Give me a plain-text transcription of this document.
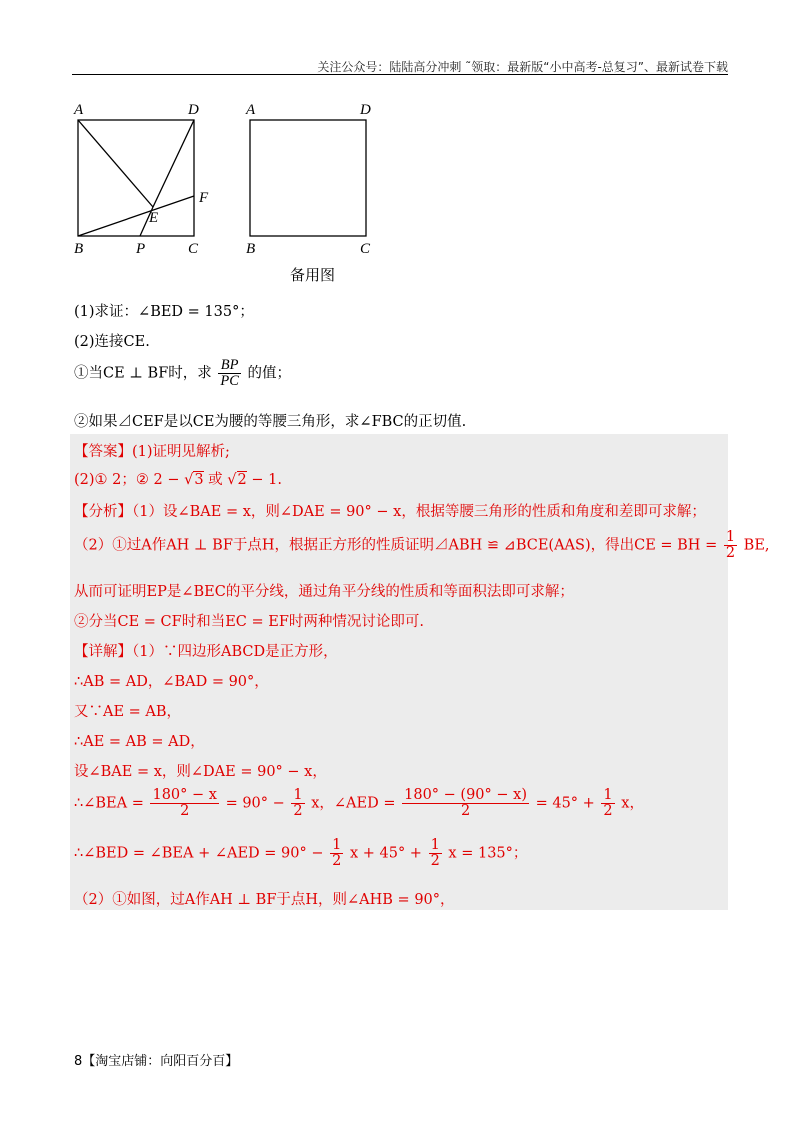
关注公众号：陆陆高分冲刺 ˜领取：最新版“小中高考-总复习”、最新试卷下载
A	D
F
E
B	P	C
A	D
B	C
备用图
(1)求证：∠BED = 135°；
(2)连接CE.
①当CE ⊥ BF时，求 $\frac{BP}{PC}$ 的值；
②如果⊿CEF是以CE为腰的等腰三角形，求∠FBC的正切值.
【答案】(1)证明见解析;
(2)① 2；② 2 − √3 或 √2 − 1.
【分析】（1）设∠BAE = x，则∠DAE = 90° − x，根据等腰三角形的性质和角度和差即可求解；
（2）①过A作AH ⊥ BF于点H，根据正方形的性质证明⊿ABH ≌ ⊿BCE(AAS)，得出CE = BH = $\frac{1}{2}$ BE,
从而可证明EP是∠BEC的平分线，通过角平分线的性质和等面积法即可求解；
②分当CE = CF时和当EC = EF时两种情况讨论即可.
【详解】（1）∵四边形ABCD是正方形，
∴AB = AD，∠BAD = 90°，
又∵AE = AB，
∴AE = AB = AD，
设∠BAE = x，则∠DAE = 90° − x，
∴∠BEA = $\frac{180^\circ - x}{2} = 90^\circ - \frac{1}{2}$ x，∠AED = $\frac{180^\circ - (90^\circ - x)}{2} = 45^\circ + \frac{1}{2}$ x，
∴∠BED = ∠BEA + ∠AED = $90^\circ - \frac{1}{2}$ $x + 45^\circ + \frac{1}{2}$ x = 135°；
（2）①如图，过A作AH ⊥ BF于点H，则∠AHB = 90°，
8【淘宝店铺：向阳百分百】
